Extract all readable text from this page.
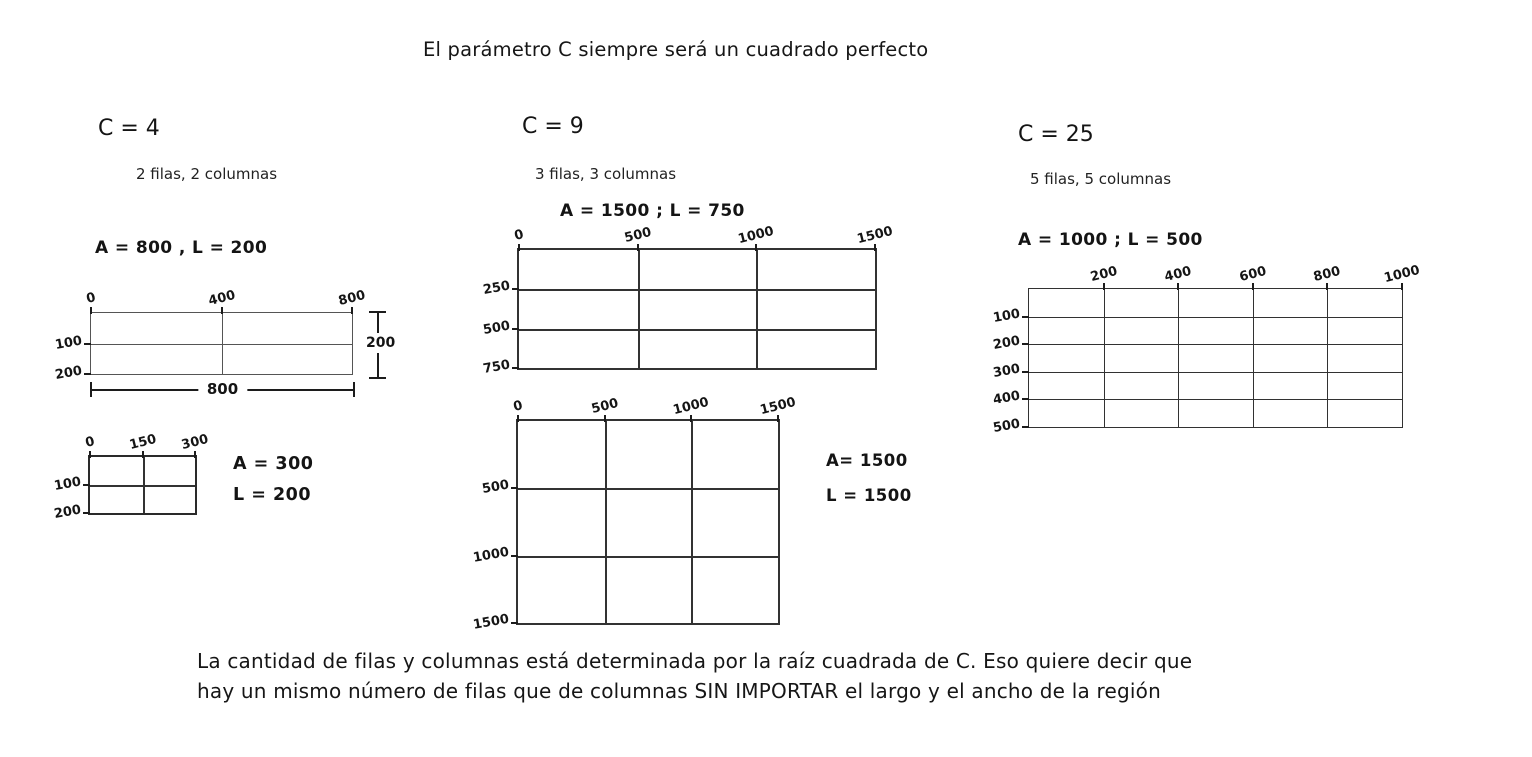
El parámetro C siempre será un cuadrado perfecto
C = 4
2 filas, 2 columnas
A = 800 , L = 200
0	400	800
100
200
200
800
0 150 300
100
200
A = 300
L = 200
C = 9
3 filas, 3 columnas
A = 1500 ; L = 750
0	500	1000	1500
250
500
750
0	500	1000	1500
500
1000
1500
A= 1500
L = 1500
C = 25
5 filas, 5 columnas
A = 1000 ; L = 500
200	400	600	800	1000
100
200
300
400
500
La cantidad de filas y columnas está determinada por la raíz cuadrada de C. Eso quiere decir que
hay un mismo número de filas que de columnas SIN IMPORTAR el largo y el ancho de la región
